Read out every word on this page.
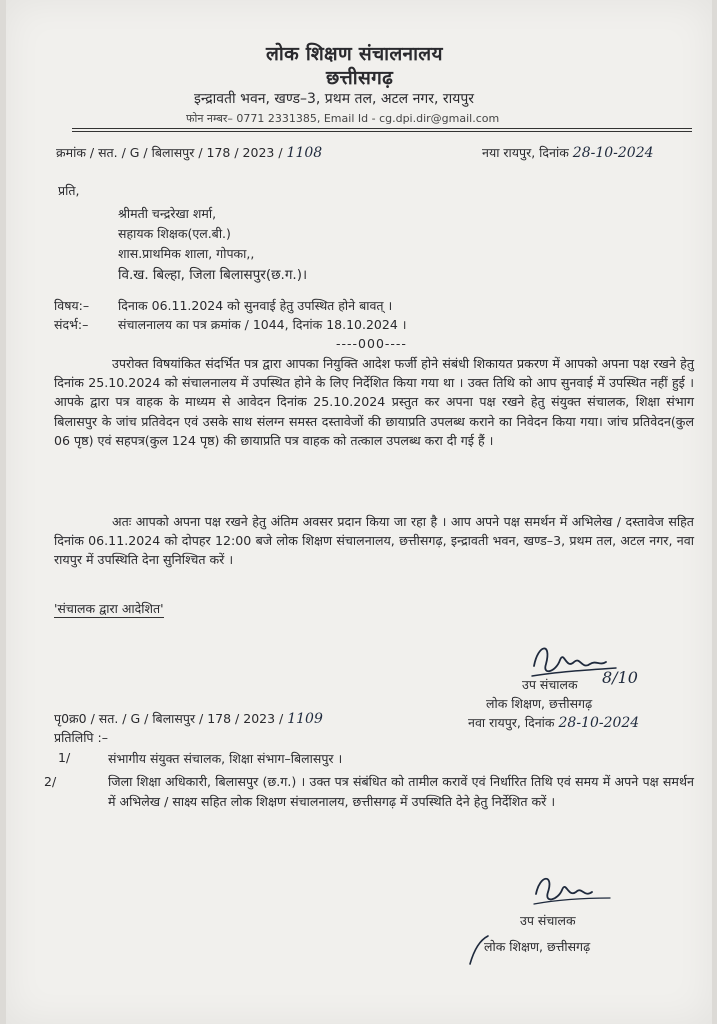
लोक शिक्षण संचालनालय
छत्तीसगढ़
इन्द्रावती भवन, खण्ड–3, प्रथम तल, अटल नगर, रायपुर
फोन नम्बर– 0771 2331385, Email Id - cg.dpi.dir@gmail.com
क्रमांक / सत. / G / बिलासपुर / 178 / 2023 / 1108	नया रायपुर, दिनांक 28-10-2024
प्रति,
श्रीमती चन्द्ररेखा शर्मा,
सहायक शिक्षक(एल.बी.)
शास.प्राथमिक शाला, गोपका,,
वि.ख. बिल्हा, जिला बिलासपुर(छ.ग.)।
विषय:– दिनाक 06.11.2024 को सुनवाई हेतु उपस्थित होने बावत् ।
संदर्भ:– संचालनालय का पत्र क्रमांक / 1044, दिनांक 18.10.2024 ।
----000----
उपरोक्त विषयांकित संदर्भित पत्र द्वारा आपका नियुक्ति आदेश फर्जी होने संबंधी शिकायत प्रकरण में आपको अपना पक्ष रखने हेतु दिनांक 25.10.2024 को संचालनालय में उपस्थित होने के लिए निर्देशित किया गया था । उक्त तिथि को आप सुनवाई में उपस्थित नहीं हुई । आपके द्वारा पत्र वाहक के माध्यम से आवेदन दिनांक 25.10.2024 प्रस्तुत कर अपना पक्ष रखने हेतु संयुक्त संचालक, शिक्षा संभाग बिलासपुर के जांच प्रतिवेदन एवं उसके साथ संलग्न समस्त दस्तावेजों की छायाप्रति उपलब्ध कराने का निवेदन किया गया। जांच प्रतिवेदन(कुल 06 पृष्ठ) एवं सहपत्र(कुल 124 पृष्ठ) की छायाप्रति पत्र वाहक को तत्काल उपलब्ध करा दी गई हैं ।
अतः आपको अपना पक्ष रखने हेतु अंतिम अवसर प्रदान किया जा रहा है । आप अपने पक्ष समर्थन में अभिलेख / दस्तावेज सहित दिनांक 06.11.2024 को दोपहर 12:00 बजे लोक शिक्षण संचालनालय, छत्तीसगढ़, इन्द्रावती भवन, खण्ड–3, प्रथम तल, अटल नगर, नवा रायपुर में उपस्थिति देना सुनिश्चित करें ।
'संचालक द्वारा आदेशित'
8/10
उप संचालक
लोक शिक्षण, छत्तीसगढ़
नवा रायपुर, दिनांक 28-10-2024
पृ0क्र0 / सत. / G / बिलासपुर / 178 / 2023 / 1109
प्रतिलिपि :–
1/	संभागीय संयुक्त संचालक, शिक्षा संभाग–बिलासपुर ।
2/	जिला शिक्षा अधिकारी, बिलासपुर (छ.ग.) । उक्त पत्र संबंधित को तामील करावें एवं निर्धारित तिथि एवं समय में अपने पक्ष समर्थन में अभिलेख / साक्ष्य सहित लोक शिक्षण संचालनालय, छत्तीसगढ़ में उपस्थिति देने हेतु निर्देशित करें ।
उप संचालक
लोक शिक्षण, छत्तीसगढ़
